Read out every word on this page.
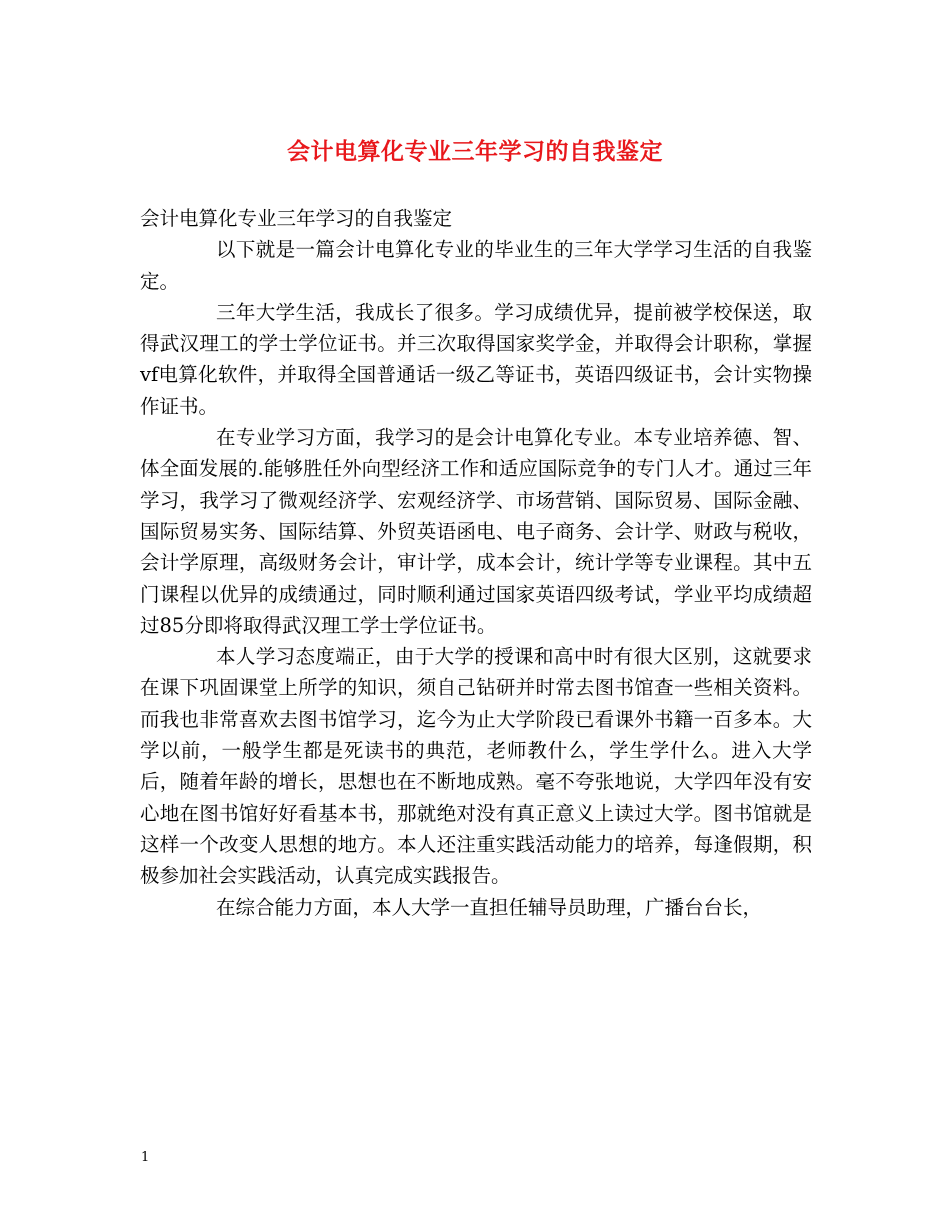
会计电算化专业三年学习的自我鉴定

会计电算化专业三年学习的自我鉴定

以下就是一篇会计电算化专业的毕业生的三年大学学习生活的自我鉴定。

三年大学生活，我成长了很多。学习成绩优异，提前被学校保送，取得武汉理工的学士学位证书。并三次取得国家奖学金，并取得会计职称，掌握vf电算化软件，并取得全国普通话一级乙等证书，英语四级证书，会计实物操作证书。

在专业学习方面，我学习的是会计电算化专业。本专业培养德、智、体全面发展的.能够胜任外向型经济工作和适应国际竞争的专门人才。通过三年学习，我学习了微观经济学、宏观经济学、市场营销、国际贸易、国际金融、国际贸易实务、国际结算、外贸英语函电、电子商务、会计学、财政与税收，会计学原理，高级财务会计，审计学，成本会计，统计学等专业课程。其中五门课程以优异的成绩通过，同时顺利通过国家英语四级考试，学业平均成绩超过85分即将取得武汉理工学士学位证书。

本人学习态度端正，由于大学的授课和高中时有很大区别，这就要求在课下巩固课堂上所学的知识，须自己钻研并时常去图书馆查一些相关资料。而我也非常喜欢去图书馆学习，迄今为止大学阶段已看课外书籍一百多本。大学以前，一般学生都是死读书的典范，老师教什么，学生学什么。进入大学后，随着年龄的增长，思想也在不断地成熟。毫不夸张地说，大学四年没有安心地在图书馆好好看基本书，那就绝对没有真正意义上读过大学。图书馆就是这样一个改变人思想的地方。本人还注重实践活动能力的培养，每逢假期，积极参加社会实践活动，认真完成实践报告。

在综合能力方面，本人大学一直担任辅导员助理，广播台台长，

1
